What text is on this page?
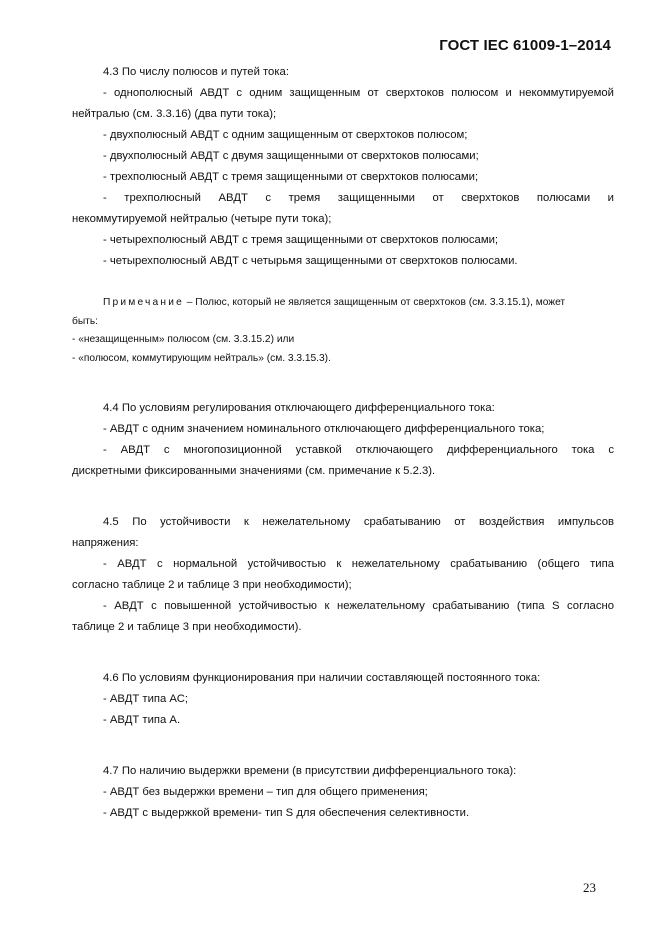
ГОСТ IEC 61009-1–2014

4.3 По числу полюсов и путей тока:

- однополюсный АВДТ с одним защищенным от сверхтоков полюсом и некоммутируемой

нейтралью (см. 3.3.16) (два пути тока);

- двухполюсный АВДТ с одним защищенным от сверхтоков полюсом;

- двухполюсный АВДТ с двумя защищенными от сверхтоков полюсами;

- трехполюсный АВДТ с тремя защищенными от сверхтоков полюсами;

- трехполюсный АВДТ с тремя защищенными от сверхтоков полюсами и

некоммутируемой нейтралью (четыре пути тока);

- четырехполюсный АВДТ с тремя защищенными от сверхтоков полюсами;

- четырехполюсный АВДТ с четырьмя защищенными от сверхтоков полюсами.

Примечание – Полюс, который не является защищенным от сверхтоков (см. 3.3.15.1), может

быть:

- «незащищенным» полюсом (см. 3.3.15.2) или

- «полюсом, коммутирующим нейтраль» (см. 3.3.15.3).

4.4 По условиям регулирования отключающего дифференциального тока:

- АВДТ с одним значением номинального отключающего дифференциального тока;

- АВДТ с многопозиционной уставкой отключающего дифференциального тока с

дискретными фиксированными значениями (см. примечание к 5.2.3).

4.5 По устойчивости к нежелательному срабатыванию от воздействия импульсов

напряжения:

- АВДТ с нормальной устойчивостью к нежелательному срабатыванию (общего типа

согласно таблице 2 и таблице 3 при необходимости);

- АВДТ с повышенной устойчивостью к нежелательному срабатыванию (типа S согласно

таблице 2 и таблице 3 при необходимости).

4.6 По условиям функционирования при наличии составляющей постоянного тока:

- АВДТ типа АС;

- АВДТ типа А.

4.7 По наличию выдержки времени (в присутствии дифференциального тока):

- АВДТ без выдержки времени – тип для общего применения;

- АВДТ с выдержкой времени- тип S для обеспечения селективности.

23
